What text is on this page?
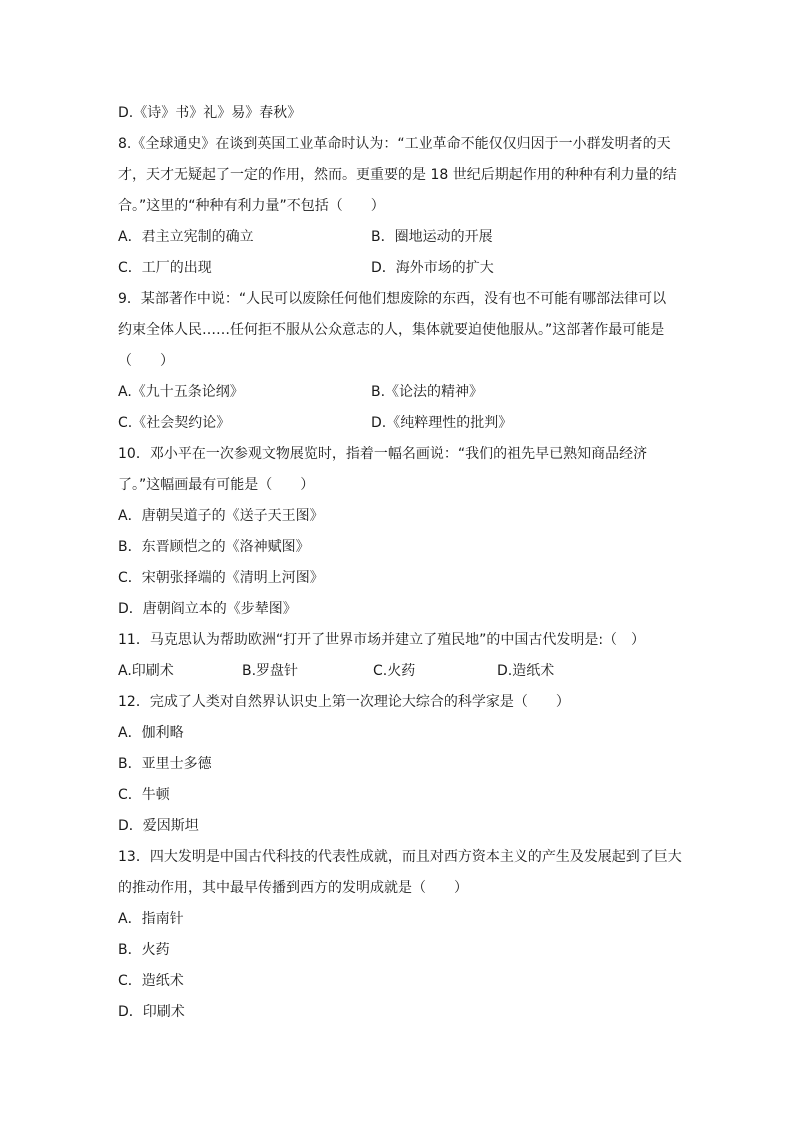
D.《诗》书》礼》易》春秋》
8.《全球通史》在谈到英国工业革命时认为：“工业革命不能仅仅归因于一小群发明者的天
才，天才无疑起了一定的作用，然而。更重要的是 18 世纪后期起作用的种种有利力量的结
合。”这里的“种种有利力量”不包括（　　）
A．君主立宪制的确立	B．圈地运动的开展
C．工厂的出现	D．海外市场的扩大
9．某部著作中说：“人民可以废除任何他们想废除的东西，没有也不可能有哪部法律可以
约束全体人民……任何拒不服从公众意志的人，集体就要迫使他服从。”这部著作最可能是
（　　）
A.《九十五条论纲》	B.《论法的精神》
C.《社会契约论》	D.《纯粹理性的批判》
10．邓小平在一次参观文物展览时，指着一幅名画说：“我们的祖先早已熟知商品经济
了。”这幅画最有可能是（　　）
A．唐朝吴道子的《送子天王图》
B．东晋顾恺之的《洛神赋图》
C．宋朝张择端的《清明上河图》
D．唐朝阎立本的《步辇图》
11．马克思认为帮助欧洲“打开了世界市场并建立了殖民地”的中国古代发明是:（　）
A.印刷术	B.罗盘针	C.火药	D.造纸术
12．完成了人类对自然界认识史上第一次理论大综合的科学家是（　　）
A．伽利略
B．亚里士多德
C．牛顿
D．爱因斯坦
13．四大发明是中国古代科技的代表性成就，而且对西方资本主义的产生及发展起到了巨大
的推动作用，其中最早传播到西方的发明成就是（　　）
A．指南针
B．火药
C．造纸术
D．印刷术
